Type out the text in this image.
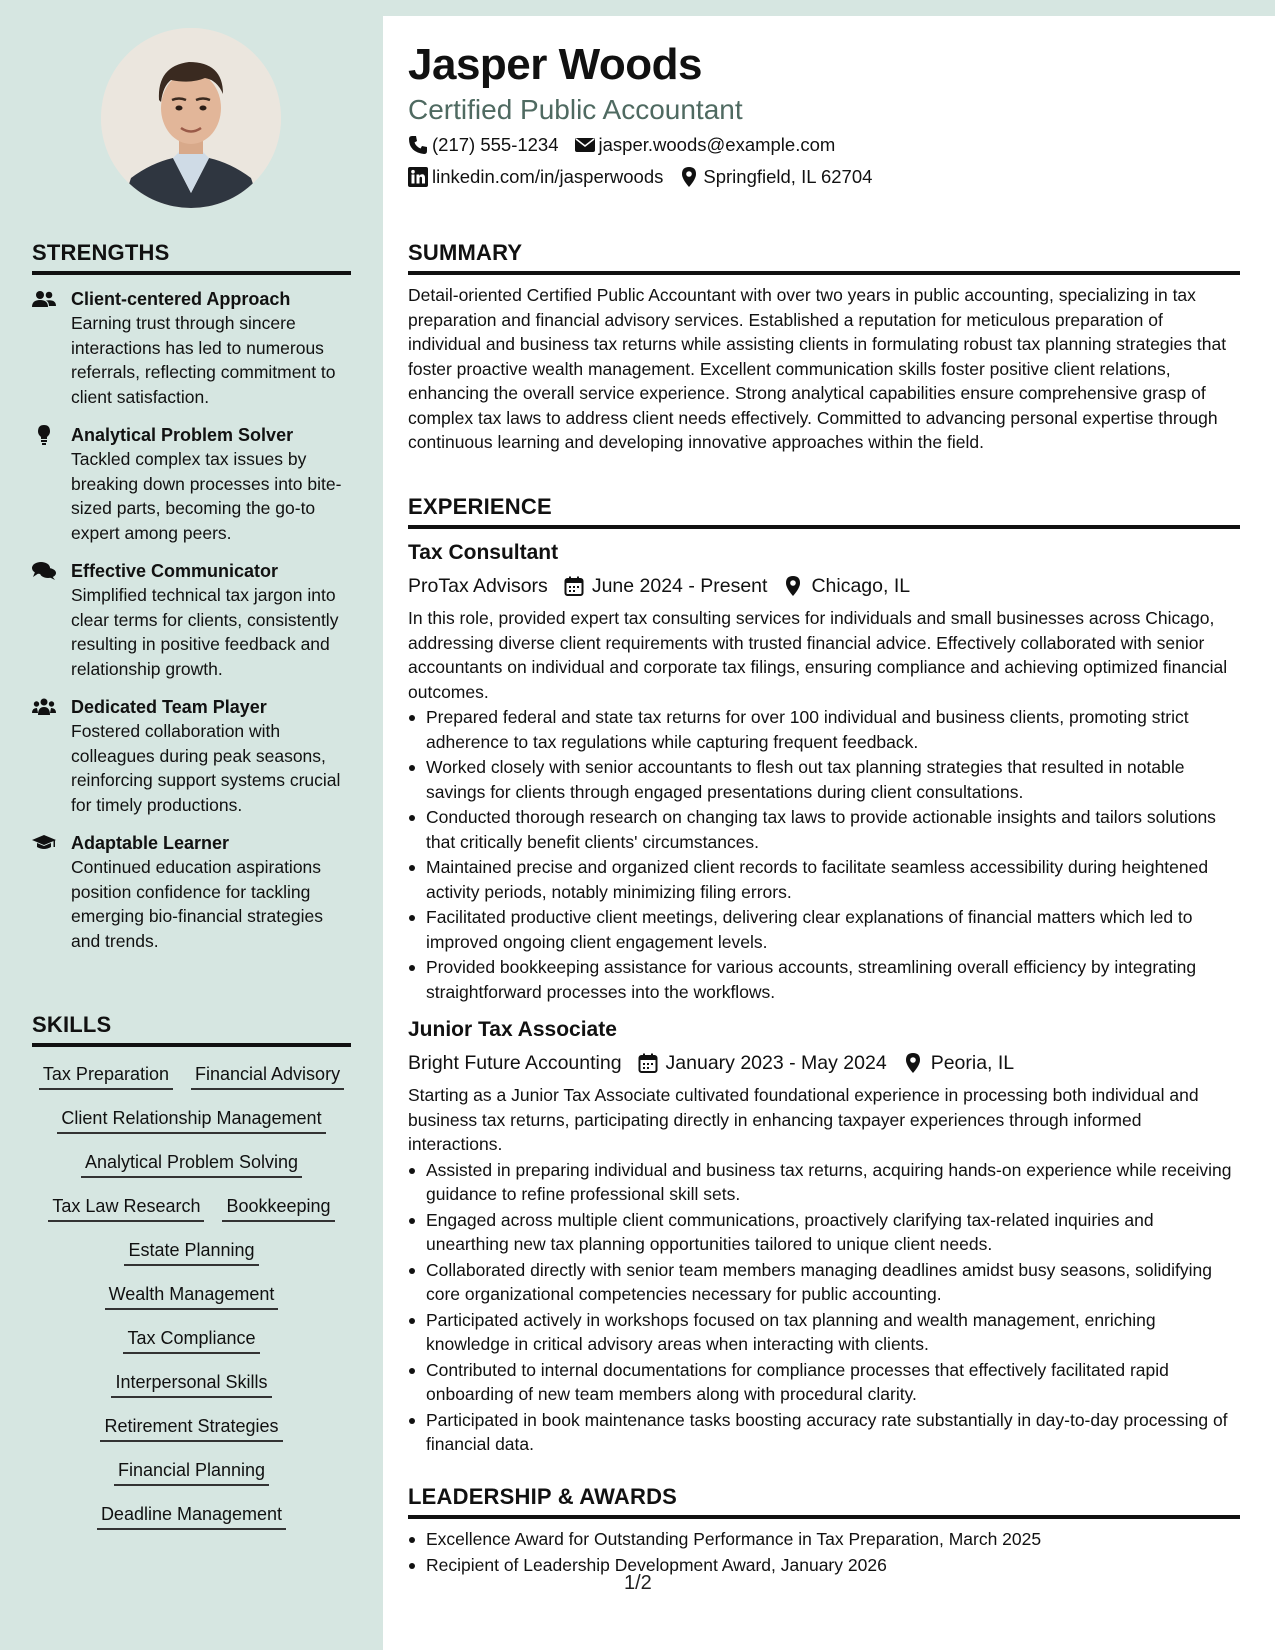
STRENGTHS
Client-centered Approach
Earning trust through sincere interactions has led to numerous referrals, reflecting commitment to client satisfaction.
Analytical Problem Solver
Tackled complex tax issues by breaking down processes into bite-sized parts, becoming the go-to expert among peers.
Effective Communicator
Simplified technical tax jargon into clear terms for clients, consistently resulting in positive feedback and relationship growth.
Dedicated Team Player
Fostered collaboration with colleagues during peak seasons, reinforcing support systems crucial for timely productions.
Adaptable Learner
Continued education aspirations position confidence for tackling emerging bio-financial strategies and trends.
SKILLS
Tax Preparation Financial Advisory
Client Relationship Management
Analytical Problem Solving
Tax Law Research Bookkeeping
Estate Planning
Wealth Management
Tax Compliance
Interpersonal Skills
Retirement Strategies
Financial Planning
Deadline Management
Jasper Woods
Certified Public Accountant
(217) 555-1234 jasper.woods@example.com
linkedin.com/in/jasperwoods Springfield, IL 62704
SUMMARY

Detail-oriented Certified Public Accountant with over two years in public accounting, specializing in tax preparation and financial advisory services. Established a reputation for meticulous preparation of individual and business tax returns while assisting clients in formulating robust tax planning strategies that foster proactive wealth management. Excellent communication skills foster positive client relations, enhancing the overall service experience. Strong analytical capabilities ensure comprehensive grasp of complex tax laws to address client needs effectively. Committed to advancing personal expertise through continuous learning and developing innovative approaches within the field.

EXPERIENCE
Tax Consultant
ProTax Advisors June 2024 - Present Chicago, IL

In this role, provided expert tax consulting services for individuals and small businesses across Chicago, addressing diverse client requirements with trusted financial advice. Effectively collaborated with senior accountants on individual and corporate tax filings, ensuring compliance and achieving optimized financial outcomes.

Prepared federal and state tax returns for over 100 individual and business clients, promoting strict adherence to tax regulations while capturing frequent feedback.
Worked closely with senior accountants to flesh out tax planning strategies that resulted in notable savings for clients through engaged presentations during client consultations.
Conducted thorough research on changing tax laws to provide actionable insights and tailors solutions that critically benefit clients' circumstances.
Maintained precise and organized client records to facilitate seamless accessibility during heightened activity periods, notably minimizing filing errors.
Facilitated productive client meetings, delivering clear explanations of financial matters which led to improved ongoing client engagement levels.
Provided bookkeeping assistance for various accounts, streamlining overall efficiency by integrating straightforward processes into the workflows.
Junior Tax Associate
Bright Future Accounting January 2023 - May 2024 Peoria, IL

Starting as a Junior Tax Associate cultivated foundational experience in processing both individual and business tax returns, participating directly in enhancing taxpayer experiences through informed interactions.

Assisted in preparing individual and business tax returns, acquiring hands-on experience while receiving guidance to refine professional skill sets.
Engaged across multiple client communications, proactively clarifying tax-related inquiries and unearthing new tax planning opportunities tailored to unique client needs.
Collaborated directly with senior team members managing deadlines amidst busy seasons, solidifying core organizational competencies necessary for public accounting.
Participated actively in workshops focused on tax planning and wealth management, enriching knowledge in critical advisory areas when interacting with clients.
Contributed to internal documentations for compliance processes that effectively facilitated rapid onboarding of new team members along with procedural clarity.
Participated in book maintenance tasks boosting accuracy rate substantially in day-to-day processing of financial data.
LEADERSHIP & AWARDS
Excellence Award for Outstanding Performance in Tax Preparation, March 2025
Recipient of Leadership Development Award, January 2026
1/2
